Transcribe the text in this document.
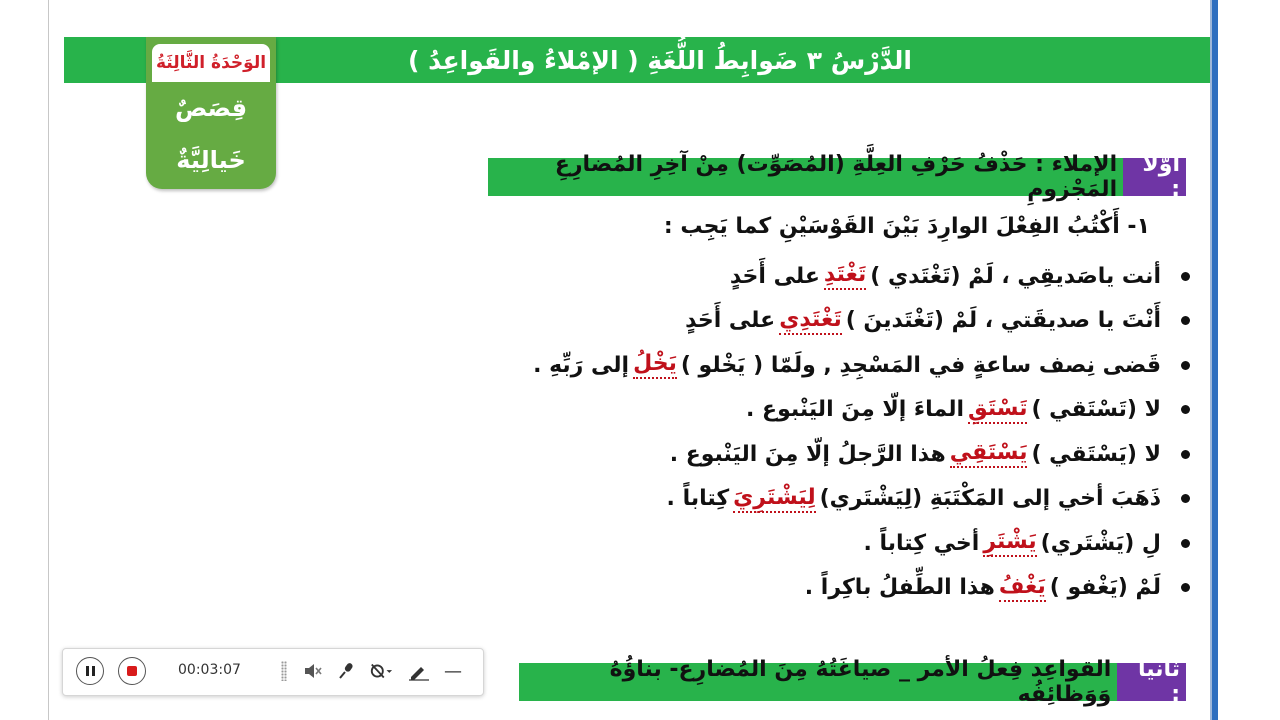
الدَّرْسُ ٣ ضَوابِطُ اللُّغَةِ ( الإمْلاءُ والقَواعِدُ )
الوَحْدَةُ الثَّالِثَةُ
قِصَصٌ
خَيالِيَّةٌ	أوَّلاً :
الإملاء : حَذْفُ حَرْفِ العِلَّةِ (المُصَوِّت) مِنْ آخِرِ المُضارِعِ المَجْزومِ
١- أَكْتُبُ الفِعْلَ الوارِدَ بَيْنَ القَوْسَيْنِ كما يَجِب :
أنت ياصَديقِي ، لَمْ (تَغْتَدي )
تَغْتَدِ
على أَحَدٍ
أَنْتَ يا صديقَتي ، لَمْ (تَغْتَدينَ )
تَغْتَدِي
على أَحَدٍ
قَضى نِصف ساعةٍ في المَسْجِدِ , ولَمّا ( يَخْلو )
يَخْلُ
إلى رَبِّهِ .
لا (تَسْتَقي )
تَسْتَقِ
الماءَ إلّا مِنَ اليَنْبوع .
لا (يَسْتَقي )
يَسْتَقِي
هذا الرَّجلُ إلّا مِنَ اليَنْبوع .
ذَهَبَ أخي إلى المَكْتَبَةِ (لِيَشْتَري)
لِيَشْتَرِيَ
كِتاباً .
لِ (يَشْتَري)
يَشْتَرِ
أخي كِتاباً .
لَمْ (يَغْفو )
يَغْفُ
هذا الطِّفلُ باكِراً .
ثانيا :
القواعِد فِعلُ الأمر _ صياغَتُهُ مِنَ المُضارِع- بناؤُهُ وَوَظائِفُه
00:03:07	—
